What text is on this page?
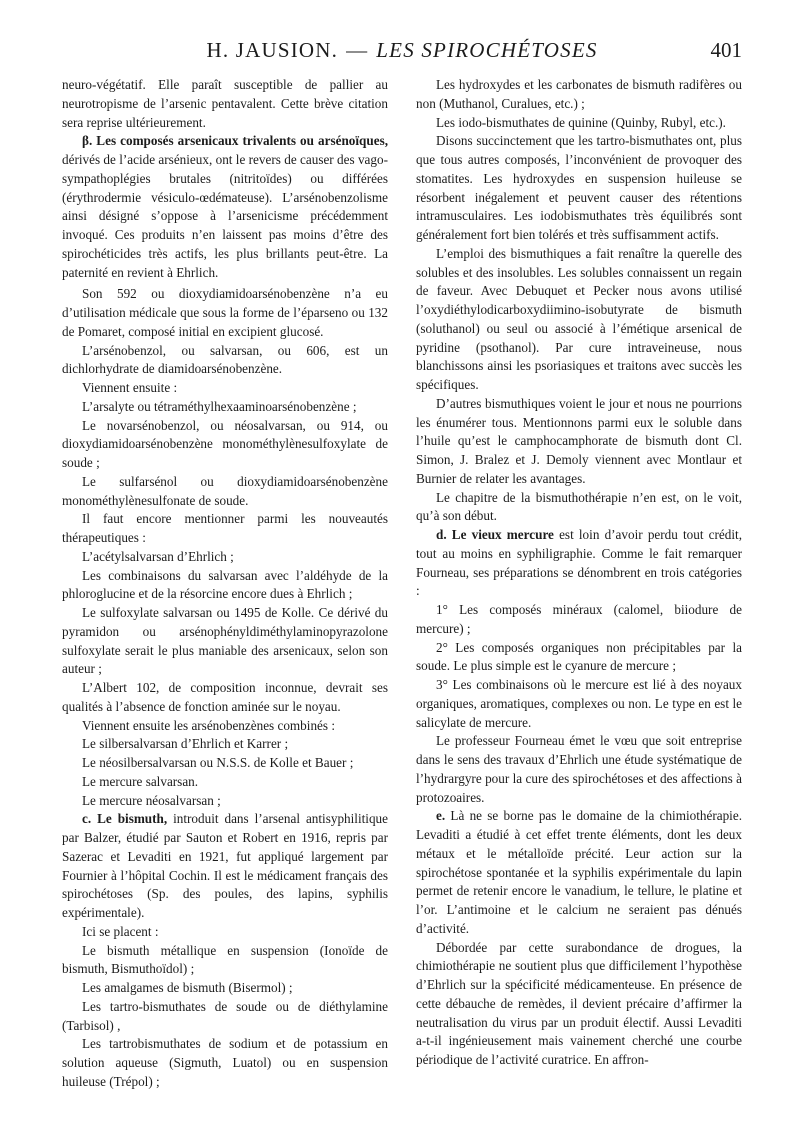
H. JAUSION. — LES SPIROCHÉTOSES	401

neuro-végétatif. Elle paraît susceptible de pallier au neurotropisme de l’arsenic pentavalent. Cette brève citation sera reprise ultérieurement.

β. Les composés arsenicaux trivalents ou arsénoïques, dérivés de l’acide arsénieux, ont le revers de causer des vago-sympathoplégies brutales (nitritoïdes) ou différées (érythrodermie vésiculo-œdémateuse). L’arsénobenzolisme ainsi désigné s’oppose à l’arsenicisme précédemment invoqué. Ces produits n’en laissent pas moins d’être des spirochéticides très actifs, les plus brillants peut-être. La paternité en revient à Ehrlich.

Son 592 ou dioxydiamidoarsénobenzène n’a eu d’utilisation médicale que sous la forme de l’éparseno ou 132 de Pomaret, composé initial en excipient glucosé.

L’arsénobenzol, ou salvarsan, ou 606, est un dichlorhydrate de diamidoarsénobenzène.

Viennent ensuite :

L’arsalyte ou tétraméthylhexaaminoarsénobenzène ;

Le novarsénobenzol, ou néosalvarsan, ou 914, ou dioxydiamidoarsénobenzène monométhylènesulfoxylate de soude ;

Le sulfarsénol ou dioxydiamidoarsénobenzène monométhylènesulfonate de soude.

Il faut encore mentionner parmi les nouveautés thérapeutiques :

L’acétylsalvarsan d’Ehrlich ;

Les combinaisons du salvarsan avec l’aldéhyde de la phloroglucine et de la résorcine encore dues à Ehrlich ;

Le sulfoxylate salvarsan ou 1495 de Kolle. Ce dérivé du pyramidon ou arsénophényldiméthylaminopyrazolone sulfoxylate serait le plus maniable des arsenicaux, selon son auteur ;

L’Albert 102, de composition inconnue, devrait ses qualités à l’absence de fonction aminée sur le noyau.

Viennent ensuite les arsénobenzènes combinés :

Le silbersalvarsan d’Ehrlich et Karrer ;

Le néosilbersalvarsan ou N.S.S. de Kolle et Bauer ;

Le mercure salvarsan.

Le mercure néosalvarsan ;

c. Le bismuth, introduit dans l’arsenal antisyphilitique par Balzer, étudié par Sauton et Robert en 1916, repris par Sazerac et Levaditi en 1921, fut appliqué largement par Fournier à l’hôpital Cochin. Il est le médicament français des spirochétoses (Sp. des poules, des lapins, syphilis expérimentale).

Ici se placent :

Le bismuth métallique en suspension (Ionoïde de bismuth, Bismuthoïdol) ;

Les amalgames de bismuth (Bisermol) ;

Les tartro-bismuthates de soude ou de diéthylamine (Tarbisol) ,

Les tartrobismuthates de sodium et de potassium en solution aqueuse (Sigmuth, Luatol) ou en suspension huileuse (Trépol) ;

Les hydroxydes et les carbonates de bismuth radifères ou non (Muthanol, Curalues, etc.) ;

Les iodo-bismuthates de quinine (Quinby, Rubyl, etc.).

Disons succinctement que les tartro-bismuthates ont, plus que tous autres composés, l’inconvénient de provoquer des stomatites. Les hydroxydes en suspension huileuse se résorbent inégalement et peuvent causer des rétentions intramusculaires. Les iodobismuthates très équilibrés sont généralement fort bien tolérés et très suffisamment actifs.

L’emploi des bismuthiques a fait renaître la querelle des solubles et des insolubles. Les solubles connaissent un regain de faveur. Avec Debuquet et Pecker nous avons utilisé l’oxydiéthylodicarboxydiimino-isobutyrate de bismuth (soluthanol) ou seul ou associé à l’émétique arsenical de pyridine (psothanol). Par cure intraveineuse, nous blanchissons ainsi les psoriasiques et traitons avec succès les spécifiques.

D’autres bismuthiques voient le jour et nous ne pourrions les énumérer tous. Mentionnons parmi eux le soluble dans l’huile qu’est le camphocamphorate de bismuth dont Cl. Simon, J. Bralez et J. Demoly viennent avec Montlaur et Burnier de relater les avantages.

Le chapitre de la bismuthothérapie n’en est, on le voit, qu’à son début.

d. Le vieux mercure est loin d’avoir perdu tout crédit, tout au moins en syphiligraphie. Comme le fait remarquer Fourneau, ses préparations se dénombrent en trois catégories :

1° Les composés minéraux (calomel, biiodure de mercure) ;

2° Les composés organiques non précipitables par la soude. Le plus simple est le cyanure de mercure ;

3° Les combinaisons où le mercure est lié à des noyaux organiques, aromatiques, complexes ou non. Le type en est le salicylate de mercure.

Le professeur Fourneau émet le vœu que soit entreprise dans le sens des travaux d’Ehrlich une étude systématique de l’hydrargyre pour la cure des spirochétoses et des affections à protozoaires.

e. Là ne se borne pas le domaine de la chimiothérapie. Levaditi a étudié à cet effet trente éléments, dont les deux métaux et le métalloïde précité. Leur action sur la spirochétose spontanée et la syphilis expérimentale du lapin permet de retenir encore le vanadium, le tellure, le platine et l’or. L’antimoine et le calcium ne seraient pas dénués d’activité.

Débordée par cette surabondance de drogues, la chimiothérapie ne soutient plus que difficilement l’hypothèse d’Ehrlich sur la spécificité médicamenteuse. En présence de cette débauche de remèdes, il devient précaire d’affirmer la neutralisation du virus par un produit électif. Aussi Levaditi a-t-il ingénieusement mais vainement cherché une courbe périodique de l’activité curatrice. En affron-
